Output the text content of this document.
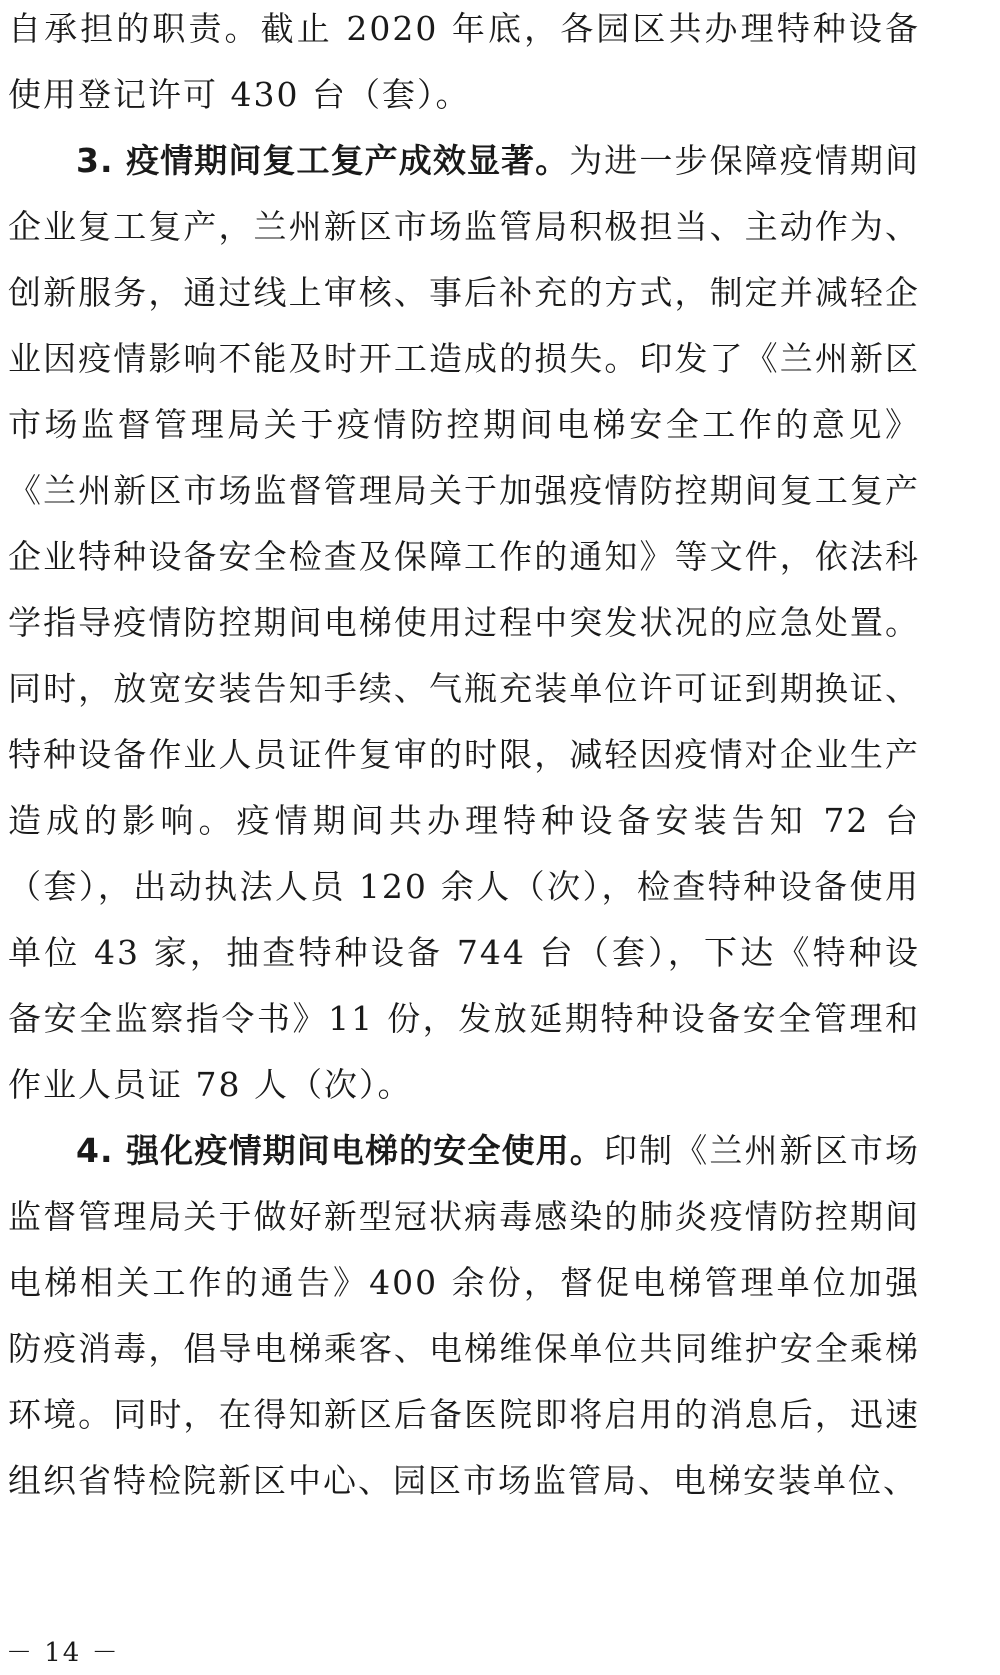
自承担的职责。截止 2020 年底，各园区共办理特种设备使用登记许可 430 台（套）。

3. 疫情期间复工复产成效显著。为进一步保障疫情期间企业复工复产，兰州新区市场监管局积极担当、主动作为、创新服务，通过线上审核、事后补充的方式，制定并减轻企业因疫情影响不能及时开工造成的损失。印发了《兰州新区市场监督管理局关于疫情防控期间电梯安全工作的意见》《兰州新区市场监督管理局关于加强疫情防控期间复工复产企业特种设备安全检查及保障工作的通知》等文件，依法科学指导疫情防控期间电梯使用过程中突发状况的应急处置。同时，放宽安装告知手续、气瓶充装单位许可证到期换证、特种设备作业人员证件复审的时限，减轻因疫情对企业生产造成的影响。疫情期间共办理特种设备安装告知 72 台（套），出动执法人员 120 余人（次），检查特种设备使用单位 43 家，抽查特种设备 744 台（套），下达《特种设备安全监察指令书》11 份，发放延期特种设备安全管理和作业人员证 78 人（次）。

4. 强化疫情期间电梯的安全使用。印制《兰州新区市场监督管理局关于做好新型冠状病毒感染的肺炎疫情防控期间电梯相关工作的通告》400 余份，督促电梯管理单位加强防疫消毒，倡导电梯乘客、电梯维保单位共同维护安全乘梯环境。同时，在得知新区后备医院即将启用的消息后，迅速组织省特检院新区中心、园区市场监管局、电梯安装单位、

－ 14 －
